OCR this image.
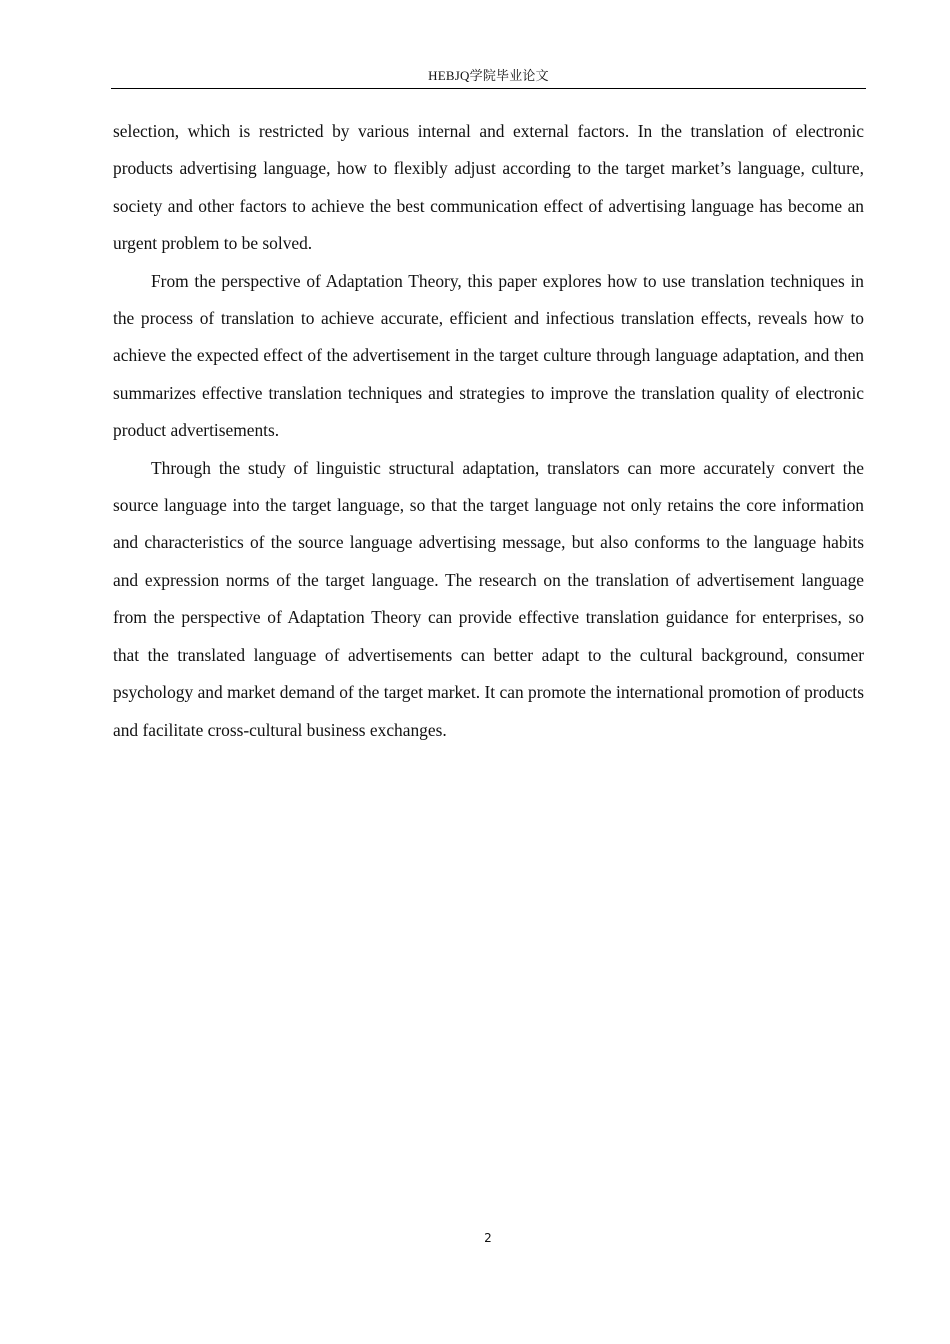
HEBJQ学院毕业论文

selection, which is restricted by various internal and external factors. In the translation of electronic products advertising language, how to flexibly adjust according to the target market’s language, culture, society and other factors to achieve the best communication effect of advertising language has become an urgent problem to be solved.

From the perspective of Adaptation Theory, this paper explores how to use translation techniques in the process of translation to achieve accurate, efficient and infectious translation effects, reveals how to achieve the expected effect of the advertisement in the target culture through language adaptation, and then summarizes effective translation techniques and strategies to improve the translation quality of electronic product advertisements.

Through the study of linguistic structural adaptation, translators can more accurately convert the source language into the target language, so that the target language not only retains the core information and characteristics of the source language advertising message, but also conforms to the language habits and expression norms of the target language. The research on the translation of advertisement language from the perspective of Adaptation Theory can provide effective translation guidance for enterprises, so that the translated language of advertisements can better adapt to the cultural background, consumer psychology and market demand of the target market. It can promote the international promotion of products and facilitate cross-cultural business exchanges.

2
